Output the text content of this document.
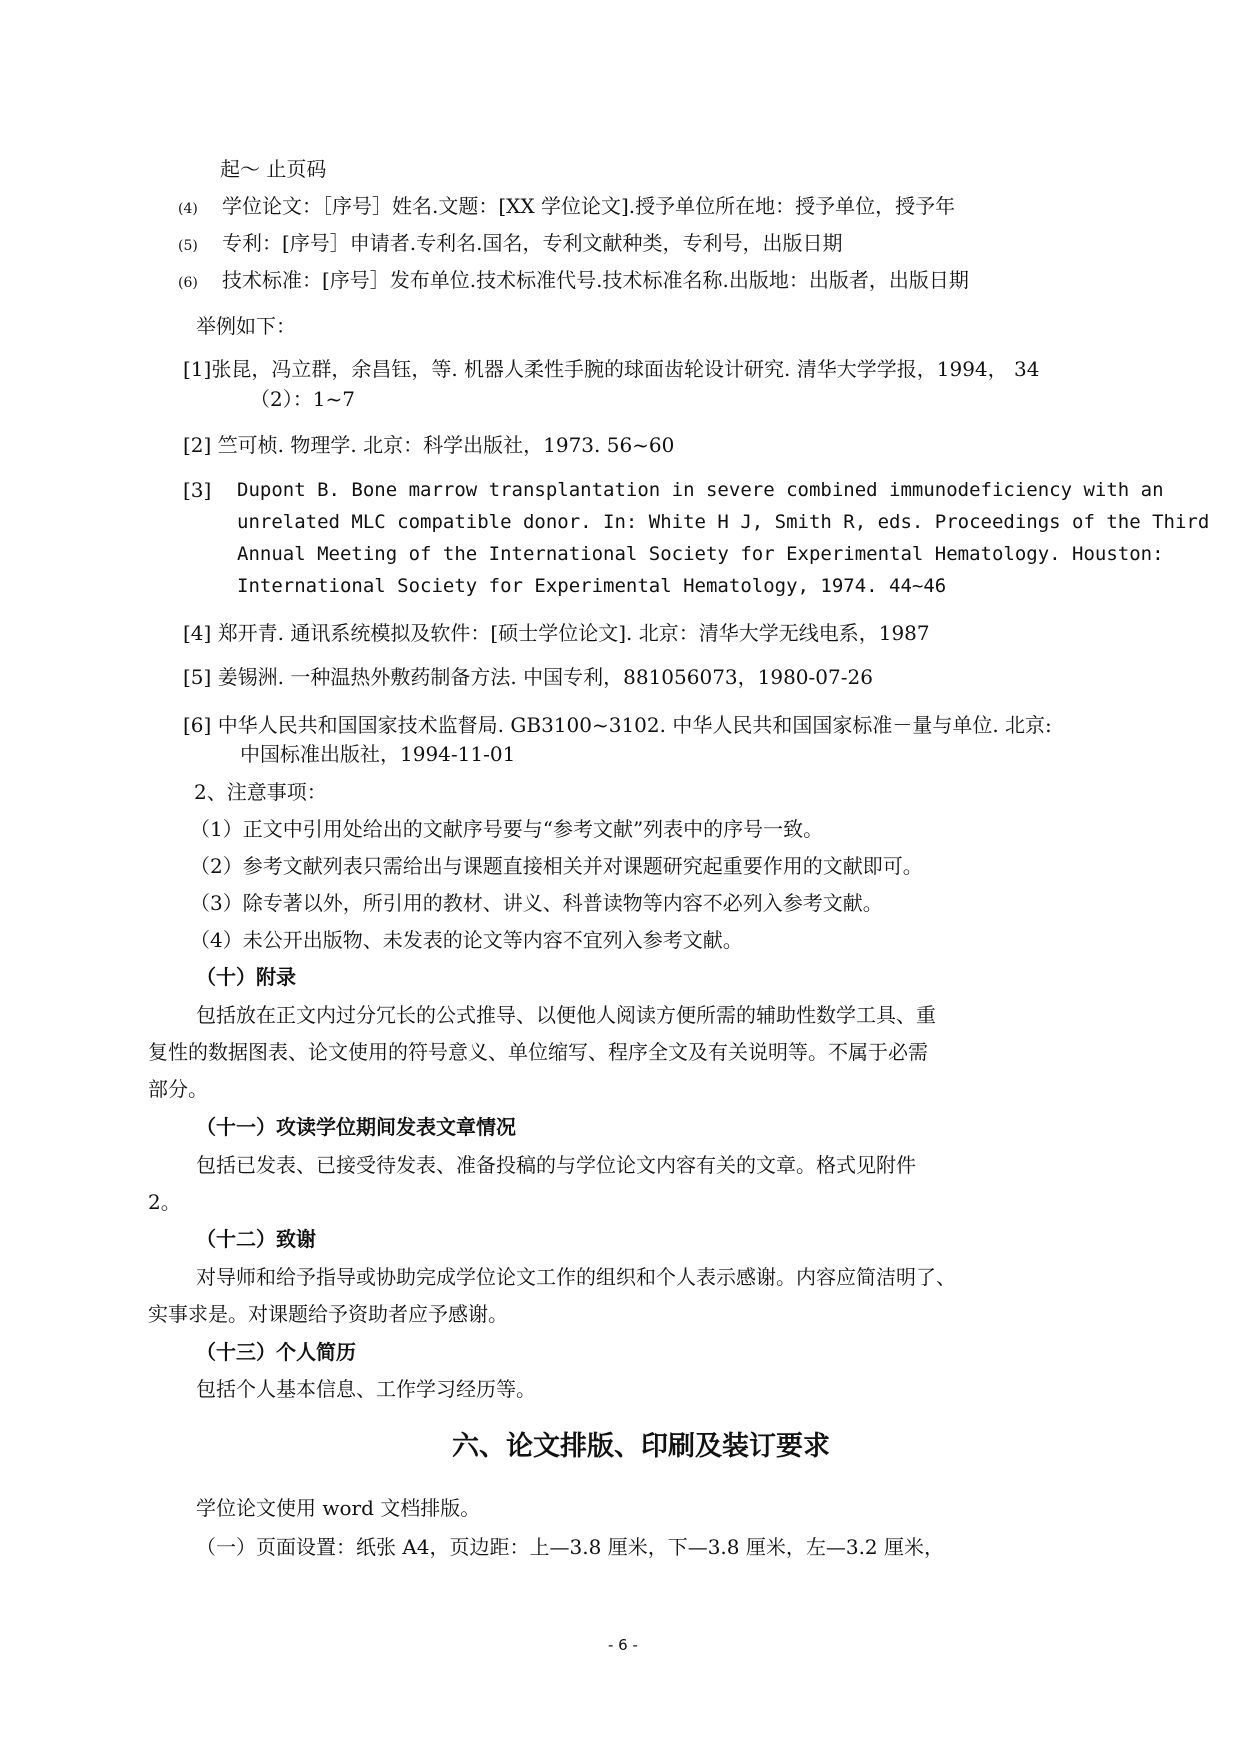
起～ 止页码
(4) 学位论文：［序号］姓名.文题：[XX 学位论文].授予单位所在地：授予单位，授予年
(5) 专利：[序号］申请者.专利名.国名，专利文献种类，专利号，出版日期
(6) 技术标准：[序号］发布单位.技术标准代号.技术标准名称.出版地：出版者，出版日期
举例如下：
[1]张昆，冯立群，余昌钰，等. 机器人柔性手腕的球面齿轮设计研究. 清华大学学报，1994， 34
（2）：1~7
[2] 竺可桢. 物理学. 北京：科学出版社，1973. 56~60
[3] Dupont B. Bone marrow transplantation in severe combined immunodeficiency with an
unrelated MLC compatible donor. In: White H J, Smith R, eds. Proceedings of the Third
Annual Meeting of the International Society for Experimental Hematology. Houston:
International Society for Experimental Hematology, 1974. 44~46
[4] 郑开青. 通讯系统模拟及软件：[硕士学位论文]. 北京：清华大学无线电系，1987
[5] 姜锡洲. 一种温热外敷药制备方法. 中国专利，881056073，1980-07-26
[6] 中华人民共和国国家技术监督局. GB3100~3102. 中华人民共和国国家标准－量与单位. 北京:
中国标准出版社，1994-11-01
2、注意事项：
（1）正文中引用处给出的文献序号要与“参考文献”列表中的序号一致。
（2）参考文献列表只需给出与课题直接相关并对课题研究起重要作用的文献即可。
（3）除专著以外，所引用的教材、讲义、科普读物等内容不必列入参考文献。
（4）未公开出版物、未发表的论文等内容不宜列入参考文献。
（十）附录
包括放在正文内过分冗长的公式推导、以便他人阅读方便所需的辅助性数学工具、重
复性的数据图表、论文使用的符号意义、单位缩写、程序全文及有关说明等。不属于必需
部分。
（十一）攻读学位期间发表文章情况
包括已发表、已接受待发表、准备投稿的与学位论文内容有关的文章。格式见附件
2。
（十二）致谢
对导师和给予指导或协助完成学位论文工作的组织和个人表示感谢。内容应简洁明了、
实事求是。对课题给予资助者应予感谢。
（十三）个人简历
包括个人基本信息、工作学习经历等。
六、论文排版、印刷及装订要求
学位论文使用 word 文档排版。
（一）页面设置：纸张 A4，页边距：上—3.8 厘米，下—3.8 厘米，左—3.2 厘米，
- 6 -
